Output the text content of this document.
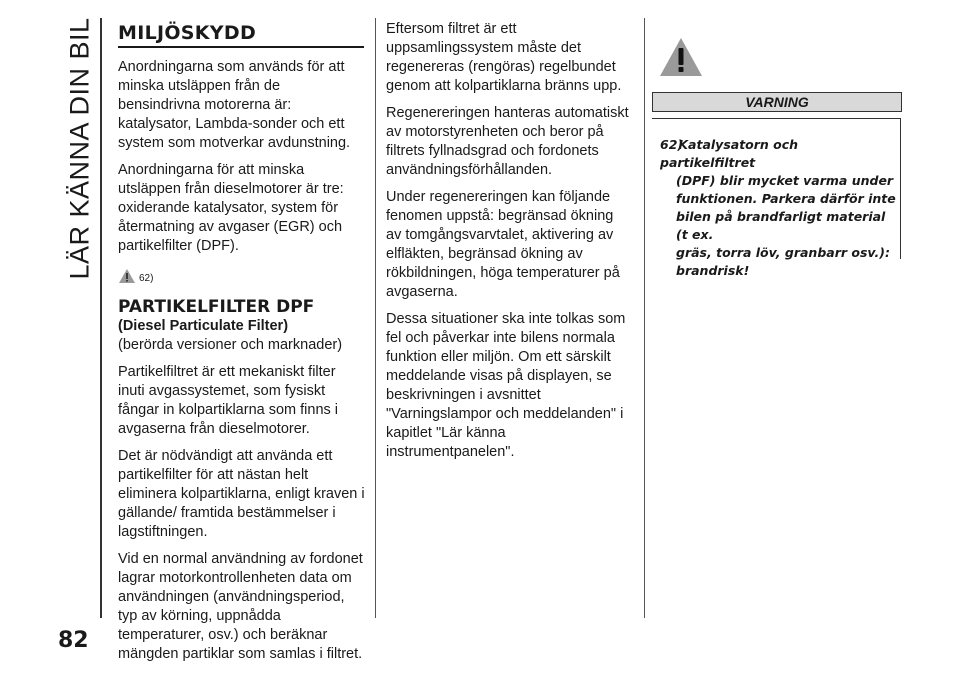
LÄR KÄNNA DIN BIL
82
MILJÖSKYDD

Anordningarna som används för att minska utsläppen från de bensindrivna motorerna är: katalysator, Lambda-sonder och ett system som motverkar avdunstning.

Anordningarna för att minska utsläppen från dieselmotorer är tre: oxiderande katalysator, system för återmatning av avgaser (EGR) och partikelfilter (DPF).

62)
PARTIKELFILTER DPF
(Diesel Particulate Filter)

(berörda versioner och marknader)

Partikelfiltret är ett mekaniskt filter inuti avgassystemet, som fysiskt fångar in kolpartiklarna som finns i avgaserna från dieselmotorer.

Det är nödvändigt att använda ett partikelfilter för att nästan helt eliminera kolpartiklarna, enligt kraven i gällande/ framtida bestämmelser i lagstiftningen.

Vid en normal användning av fordonet lagrar motorkontrollenheten data om användningen (användningsperiod, typ av körning, uppnådda temperaturer, osv.) och beräknar mängden partiklar som samlas i filtret.

Eftersom filtret är ett uppsamlingssystem måste det regenereras (rengöras) regelbundet genom att kolpartiklarna bränns upp.

Regenereringen hanteras automatiskt av motorstyrenheten och beror på filtrets fyllnadsgrad och fordonets användningsförhållanden.

Under regenereringen kan följande fenomen uppstå: begränsad ökning av tomgångsvarvtalet, aktivering av elfläkten, begränsad ökning av rökbildningen, höga temperaturer på avgaserna.

Dessa situationer ska inte tolkas som fel och påverkar inte bilens normala funktion eller miljön. Om ett särskilt meddelande visas på displayen, se beskrivningen i avsnittet "Varningslampor och meddelanden" i kapitlet "Lär känna instrumentpanelen".

VARNING
62) Katalysatorn och partikelfiltret
(DPF) blir mycket varma under
funktionen. Parkera därför inte
bilen på brandfarligt material (t ex.
gräs, torra löv, granbarr osv.):
brandrisk!
